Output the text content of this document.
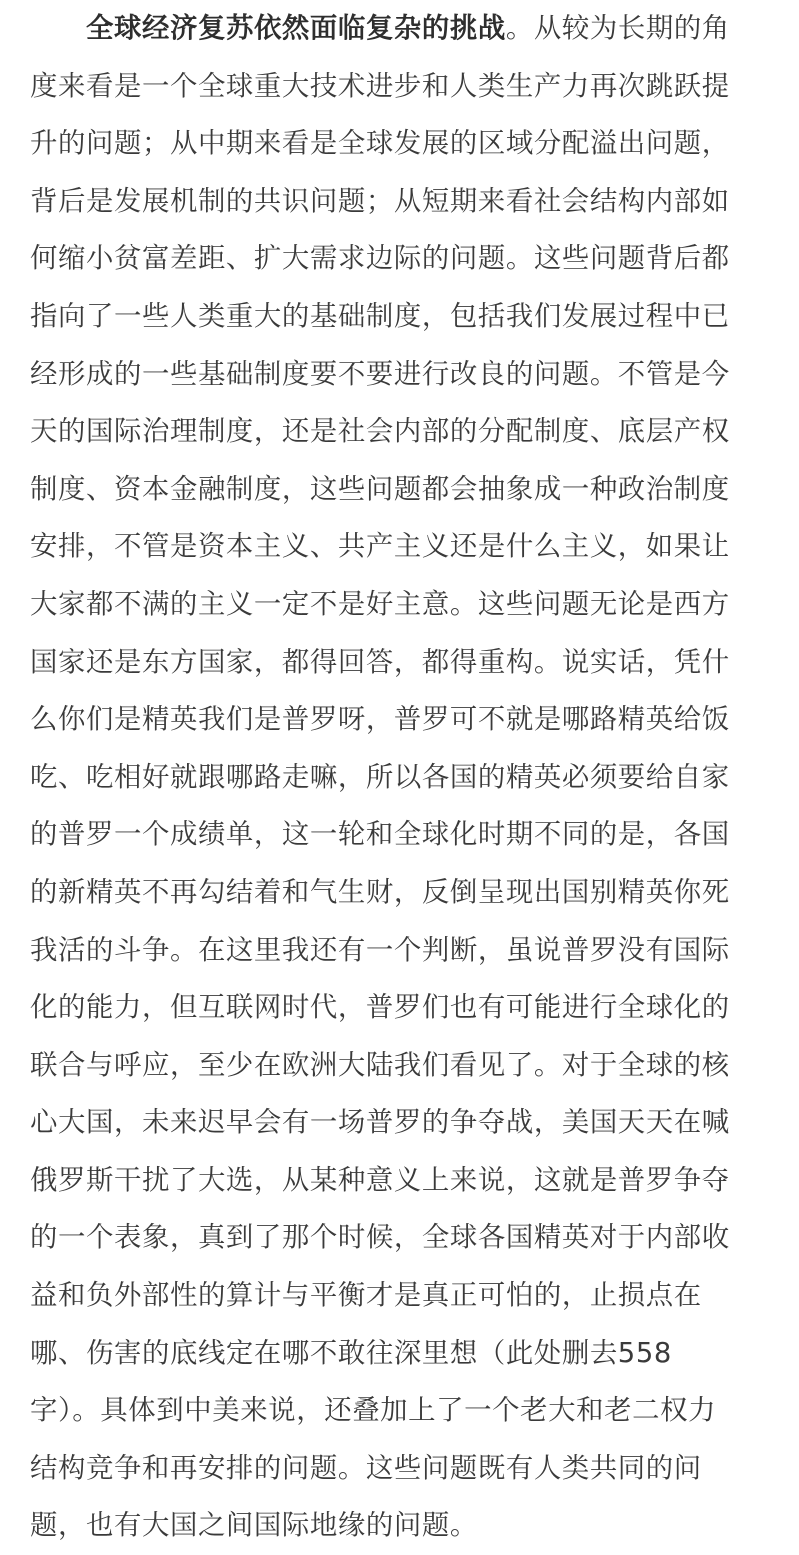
全球经济复苏依然面临复杂的挑战。从较为长期的角
度来看是一个全球重大技术进步和人类生产力再次跳跃提
升的问题；从中期来看是全球发展的区域分配溢出问题，
背后是发展机制的共识问题；从短期来看社会结构内部如
何缩小贫富差距、扩大需求边际的问题。这些问题背后都
指向了一些人类重大的基础制度，包括我们发展过程中已
经形成的一些基础制度要不要进行改良的问题。不管是今
天的国际治理制度，还是社会内部的分配制度、底层产权
制度、资本金融制度，这些问题都会抽象成一种政治制度
安排，不管是资本主义、共产主义还是什么主义，如果让
大家都不满的主义一定不是好主意。这些问题无论是西方
国家还是东方国家，都得回答，都得重构。说实话，凭什
么你们是精英我们是普罗呀，普罗可不就是哪路精英给饭
吃、吃相好就跟哪路走嘛，所以各国的精英必须要给自家
的普罗一个成绩单，这一轮和全球化时期不同的是，各国
的新精英不再勾结着和气生财，反倒呈现出国别精英你死
我活的斗争。在这里我还有一个判断，虽说普罗没有国际
化的能力，但互联网时代，普罗们也有可能进行全球化的
联合与呼应，至少在欧洲大陆我们看见了。对于全球的核
心大国，未来迟早会有一场普罗的争夺战，美国天天在喊
俄罗斯干扰了大选，从某种意义上来说，这就是普罗争夺
的一个表象，真到了那个时候，全球各国精英对于内部收
益和负外部性的算计与平衡才是真正可怕的，止损点在
哪、伤害的底线定在哪不敢往深里想（此处删去558
字）。具体到中美来说，还叠加上了一个老大和老二权力
结构竞争和再安排的问题。这些问题既有人类共同的问
题，也有大国之间国际地缘的问题。
